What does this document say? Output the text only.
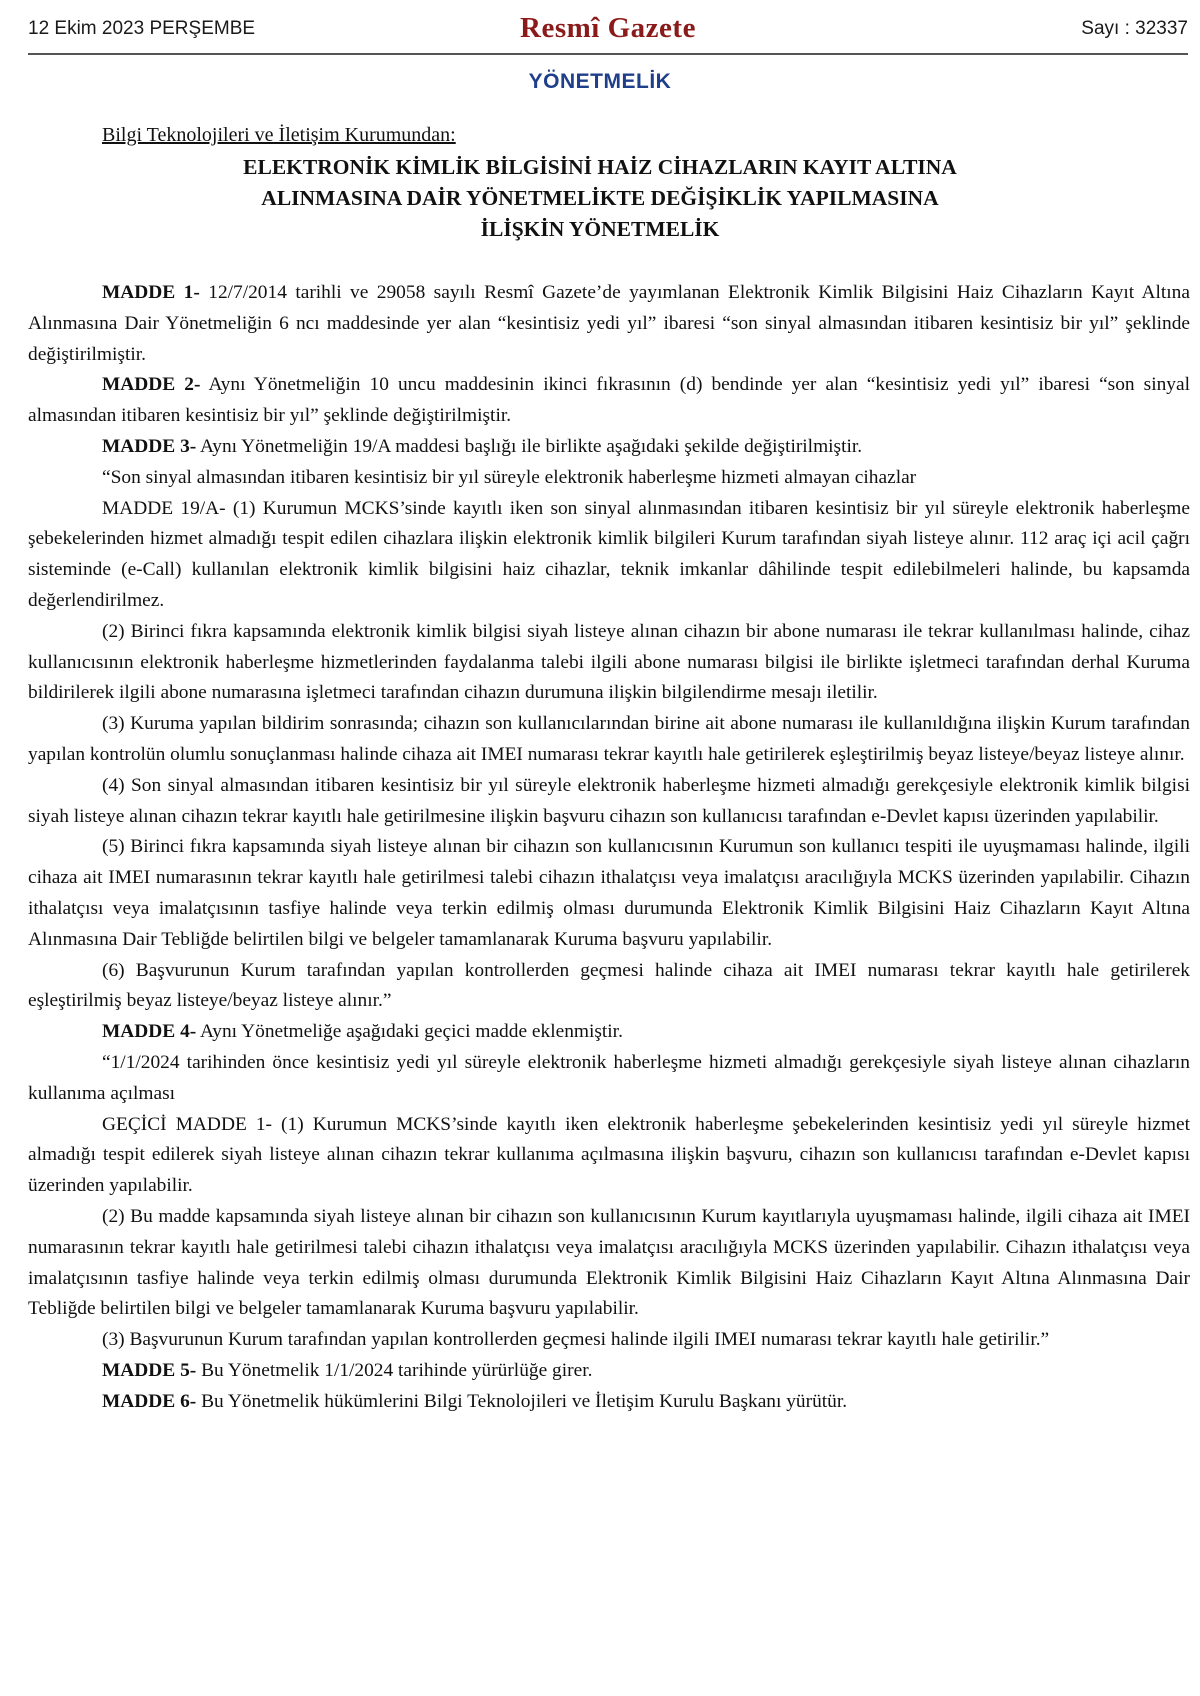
12 Ekim 2023 PERŞEMBE	Resmî Gazete	Sayı : 32337
YÖNETMELİK
Bilgi Teknolojileri ve İletişim Kurumundan:
ELEKTRONİK KİMLİK BİLGİSİNİ HAİZ CİHAZLARIN KAYIT ALTINA
ALINMASINA DAİR YÖNETMELİKTE DEĞİŞİKLİK YAPILMASINA
İLİŞKİN YÖNETMELİK

MADDE 1- 12/7/2014 tarihli ve 29058 sayılı Resmî Gazete’de yayımlanan Elektronik Kimlik Bilgisini Haiz Cihazların Kayıt Altına Alınmasına Dair Yönetmeliğin 6 ncı maddesinde yer alan “kesintisiz yedi yıl” ibaresi “son sinyal almasından itibaren kesintisiz bir yıl” şeklinde değiştirilmiştir.

MADDE 2- Aynı Yönetmeliğin 10 uncu maddesinin ikinci fıkrasının (d) bendinde yer alan “kesintisiz yedi yıl” ibaresi “son sinyal almasından itibaren kesintisiz bir yıl” şeklinde değiştirilmiştir.

MADDE 3- Aynı Yönetmeliğin 19/A maddesi başlığı ile birlikte aşağıdaki şekilde değiştirilmiştir.

“Son sinyal almasından itibaren kesintisiz bir yıl süreyle elektronik haberleşme hizmeti almayan cihazlar

MADDE 19/A- (1) Kurumun MCKS’sinde kayıtlı iken son sinyal alınmasından itibaren kesintisiz bir yıl süreyle elektronik haberleşme şebekelerinden hizmet almadığı tespit edilen cihazlara ilişkin elektronik kimlik bilgileri Kurum tarafından siyah listeye alınır. 112 araç içi acil çağrı sisteminde (e-Call) kullanılan elektronik kimlik bilgisini haiz cihazlar, teknik imkanlar dâhilinde tespit edilebilmeleri halinde, bu kapsamda değerlendirilmez.

(2) Birinci fıkra kapsamında elektronik kimlik bilgisi siyah listeye alınan cihazın bir abone numarası ile tekrar kullanılması halinde, cihaz kullanıcısının elektronik haberleşme hizmetlerinden faydalanma talebi ilgili abone numarası bilgisi ile birlikte işletmeci tarafından derhal Kuruma bildirilerek ilgili abone numarasına işletmeci tarafından cihazın durumuna ilişkin bilgilendirme mesajı iletilir.

(3) Kuruma yapılan bildirim sonrasında; cihazın son kullanıcılarından birine ait abone numarası ile kullanıldığına ilişkin Kurum tarafından yapılan kontrolün olumlu sonuçlanması halinde cihaza ait IMEI numarası tekrar kayıtlı hale getirilerek eşleştirilmiş beyaz listeye/beyaz listeye alınır.

(4) Son sinyal almasından itibaren kesintisiz bir yıl süreyle elektronik haberleşme hizmeti almadığı gerekçesiyle elektronik kimlik bilgisi siyah listeye alınan cihazın tekrar kayıtlı hale getirilmesine ilişkin başvuru cihazın son kullanıcısı tarafından e-Devlet kapısı üzerinden yapılabilir.

(5) Birinci fıkra kapsamında siyah listeye alınan bir cihazın son kullanıcısının Kurumun son kullanıcı tespiti ile uyuşmaması halinde, ilgili cihaza ait IMEI numarasının tekrar kayıtlı hale getirilmesi talebi cihazın ithalatçısı veya imalatçısı aracılığıyla MCKS üzerinden yapılabilir. Cihazın ithalatçısı veya imalatçısının tasfiye halinde veya terkin edilmiş olması durumunda Elektronik Kimlik Bilgisini Haiz Cihazların Kayıt Altına Alınmasına Dair Tebliğde belirtilen bilgi ve belgeler tamamlanarak Kuruma başvuru yapılabilir.

(6) Başvurunun Kurum tarafından yapılan kontrollerden geçmesi halinde cihaza ait IMEI numarası tekrar kayıtlı hale getirilerek eşleştirilmiş beyaz listeye/beyaz listeye alınır.”

MADDE 4- Aynı Yönetmeliğe aşağıdaki geçici madde eklenmiştir.

“1/1/2024 tarihinden önce kesintisiz yedi yıl süreyle elektronik haberleşme hizmeti almadığı gerekçesiyle siyah listeye alınan cihazların kullanıma açılması

GEÇİCİ MADDE 1- (1) Kurumun MCKS’sinde kayıtlı iken elektronik haberleşme şebekelerinden kesintisiz yedi yıl süreyle hizmet almadığı tespit edilerek siyah listeye alınan cihazın tekrar kullanıma açılmasına ilişkin başvuru, cihazın son kullanıcısı tarafından e-Devlet kapısı üzerinden yapılabilir.

(2) Bu madde kapsamında siyah listeye alınan bir cihazın son kullanıcısının Kurum kayıtlarıyla uyuşmaması halinde, ilgili cihaza ait IMEI numarasının tekrar kayıtlı hale getirilmesi talebi cihazın ithalatçısı veya imalatçısı aracılığıyla MCKS üzerinden yapılabilir. Cihazın ithalatçısı veya imalatçısının tasfiye halinde veya terkin edilmiş olması durumunda Elektronik Kimlik Bilgisini Haiz Cihazların Kayıt Altına Alınmasına Dair Tebliğde belirtilen bilgi ve belgeler tamamlanarak Kuruma başvuru yapılabilir.

(3) Başvurunun Kurum tarafından yapılan kontrollerden geçmesi halinde ilgili IMEI numarası tekrar kayıtlı hale getirilir.”

MADDE 5- Bu Yönetmelik 1/1/2024 tarihinde yürürlüğe girer.

MADDE 6- Bu Yönetmelik hükümlerini Bilgi Teknolojileri ve İletişim Kurulu Başkanı yürütür.
